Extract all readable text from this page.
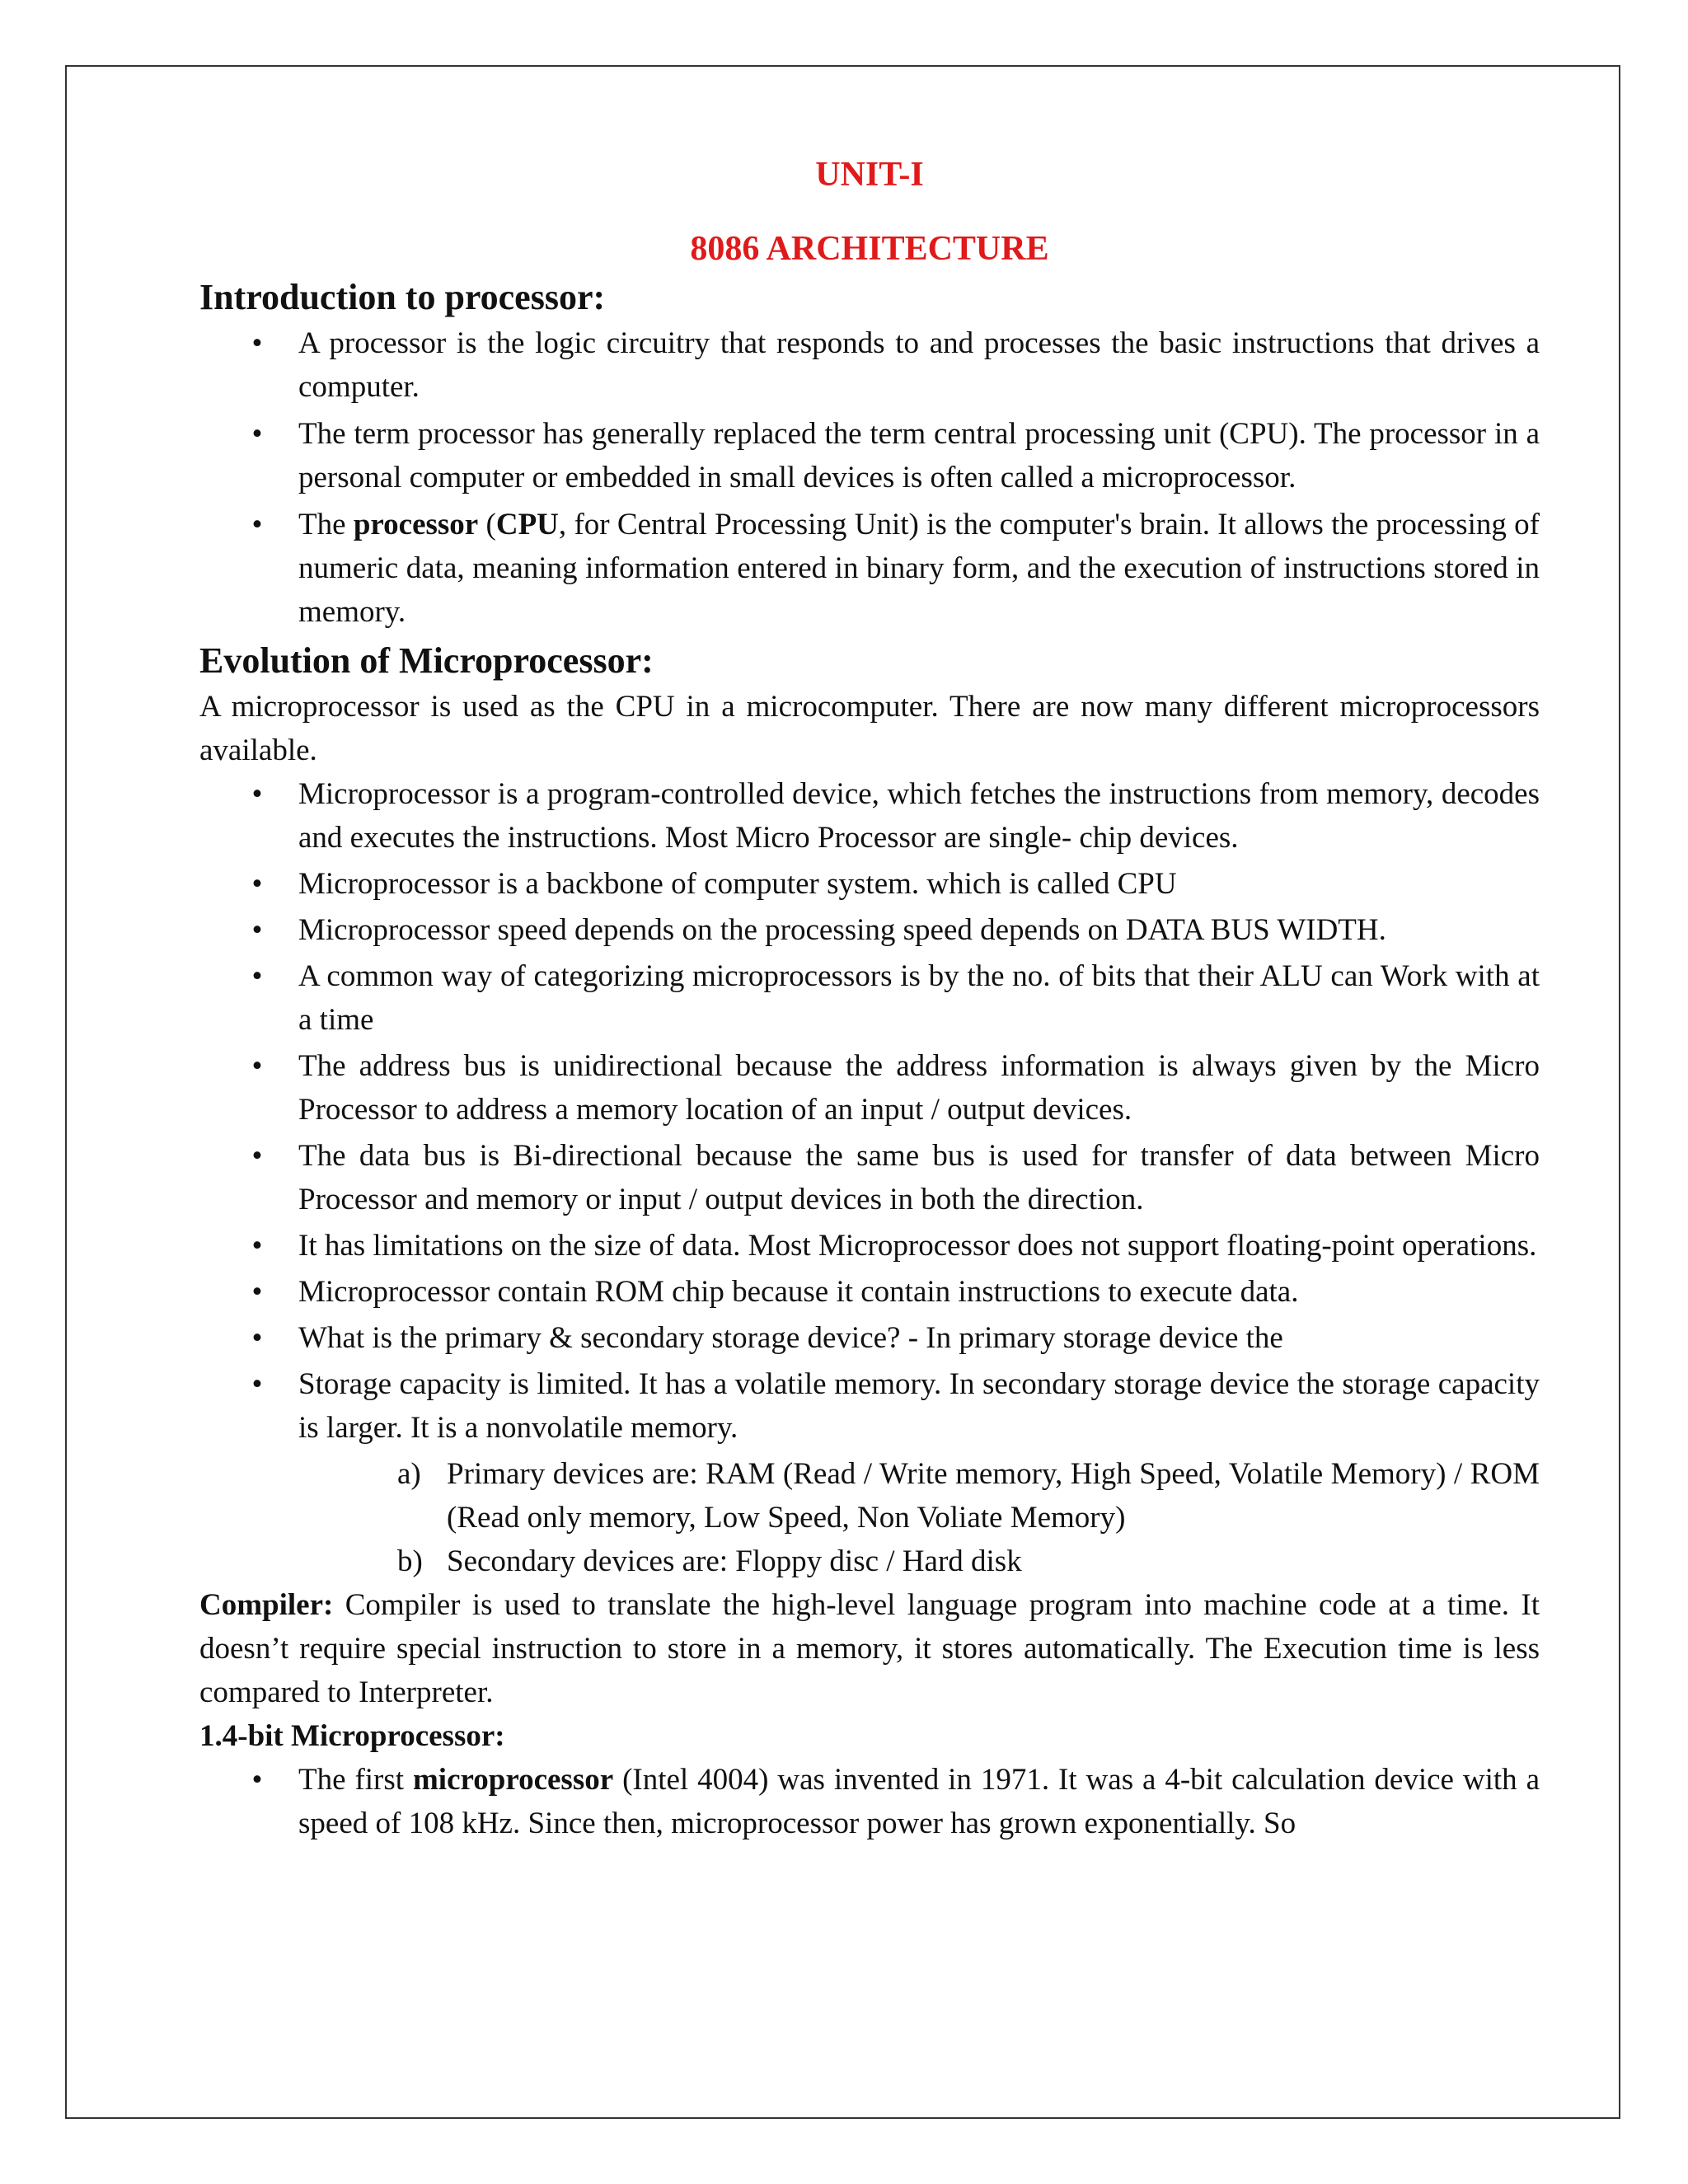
UNIT-I
8086 ARCHITECTURE
Introduction to processor:
• A processor is the logic circuitry that responds to and processes the basic instructions that drives a computer.
• The term processor has generally replaced the term central processing unit (CPU). The processor in a personal computer or embedded in small devices is often called a microprocessor.
• The processor (CPU, for Central Processing Unit) is the computer's brain. It allows the processing of numeric data, meaning information entered in binary form, and the execution of instructions stored in memory.
Evolution of Microprocessor:

A microprocessor is used as the CPU in a microcomputer. There are now many different microprocessors available.

• Microprocessor is a program-controlled device, which fetches the instructions from memory, decodes and executes the instructions. Most Micro Processor are single- chip devices.
• Microprocessor is a backbone of computer system. which is called CPU
• Microprocessor speed depends on the processing speed depends on DATA BUS WIDTH.
• A common way of categorizing microprocessors is by the no. of bits that their ALU can Work with at a time
• The address bus is unidirectional because the address information is always given by the Micro Processor to address a memory location of an input / output devices.
• The data bus is Bi-directional because the same bus is used for transfer of data between Micro Processor and memory or input / output devices in both the direction.
• It has limitations on the size of data. Most Microprocessor does not support floating-point operations.
• Microprocessor contain ROM chip because it contain instructions to execute data.
• What is the primary & secondary storage device? - In primary storage device the
• Storage capacity is limited. It has a volatile memory. In secondary storage device the storage capacity is larger. It is a nonvolatile memory.
a) Primary devices are: RAM (Read / Write memory, High Speed, Volatile Memory) / ROM (Read only memory, Low Speed, Non Voliate Memory)
b) Secondary devices are: Floppy disc / Hard disk

Compiler: Compiler is used to translate the high-level language program into machine code at a time. It doesn’t require special instruction to store in a memory, it stores automatically. The Execution time is less compared to Interpreter.

1.4-bit Microprocessor:

• The first microprocessor (Intel 4004) was invented in 1971. It was a 4-bit calculation device with a speed of 108 kHz. Since then, microprocessor power has grown exponentially. So
